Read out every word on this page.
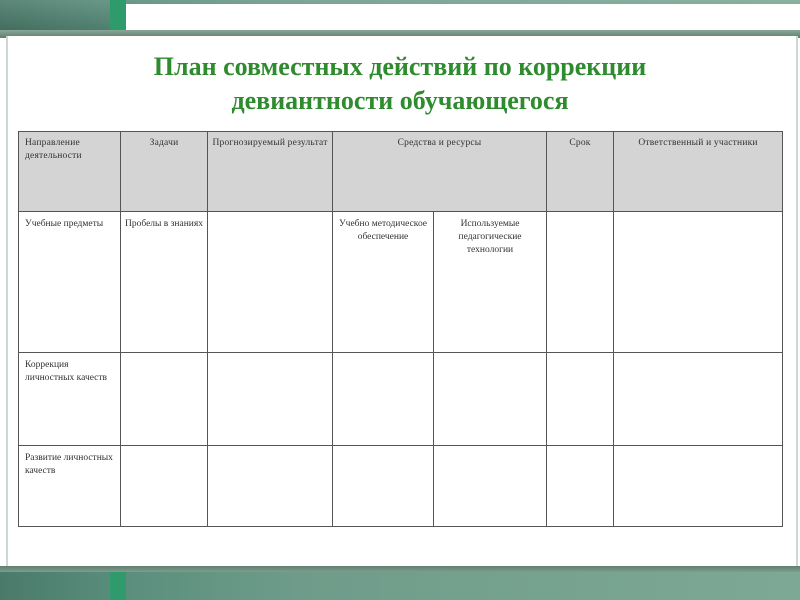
План совместных действий по коррекции
девиантности обучающегося
Направление деятельности	Задачи	Прогнозируемый результат	Средства и ресурсы		Срок	Ответственный и участники
Учебные предметы	Пробелы в знаниях		Учебно методическое обеспечение	Используемые педагогические технологии		
Коррекция личностных качеств						
Развитие личностных качеств						
